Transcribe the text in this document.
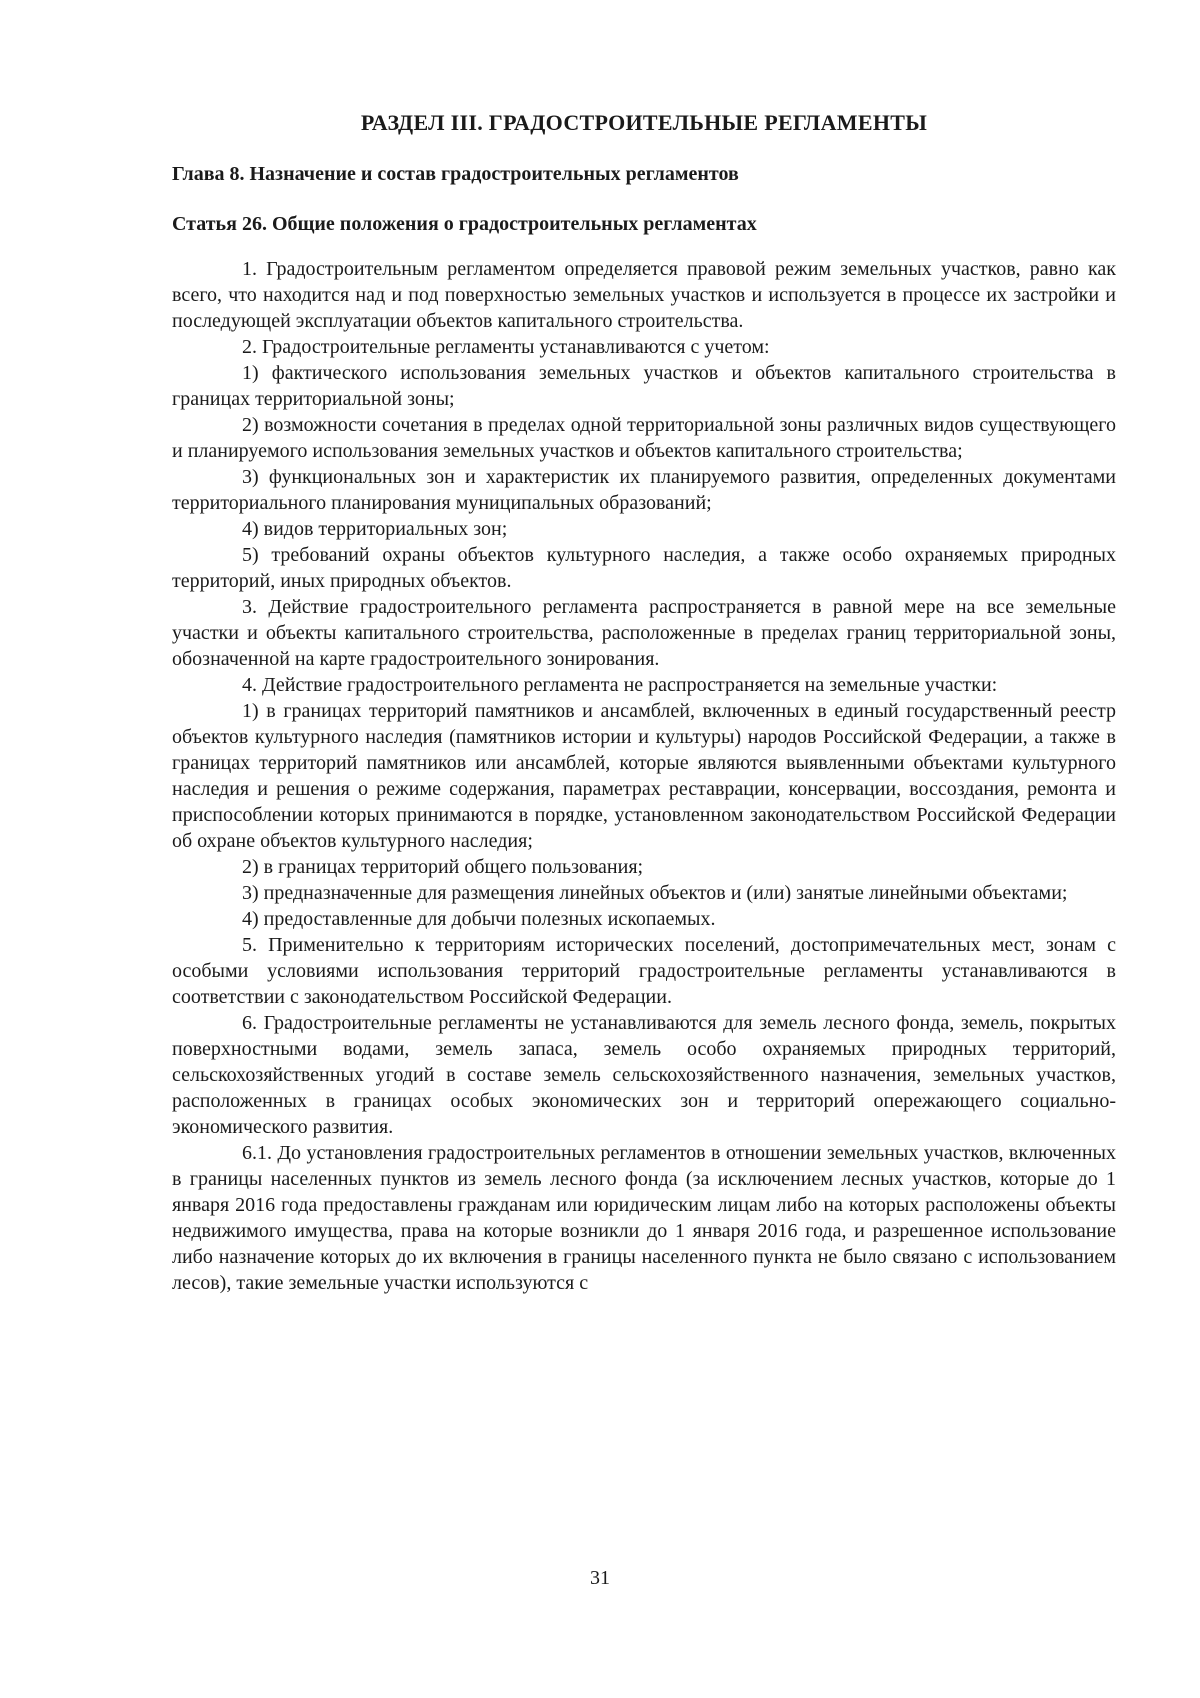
РАЗДЕЛ III. ГРАДОСТРОИТЕЛЬНЫЕ РЕГЛАМЕНТЫ
Глава 8. Назначение и состав градостроительных регламентов
Статья 26. Общие положения о градостроительных регламентах

1. Градостроительным регламентом определяется правовой режим земельных участков, равно как всего, что находится над и под поверхностью земельных участков и используется в процессе их застройки и последующей эксплуатации объектов капитального строительства.

2. Градостроительные регламенты устанавливаются с учетом:

1) фактического использования земельных участков и объектов капитального строительства в границах территориальной зоны;

2) возможности сочетания в пределах одной территориальной зоны различных видов существующего и планируемого использования земельных участков и объектов капитального строительства;

3) функциональных зон и характеристик их планируемого развития, определенных документами территориального планирования муниципальных образований;

4) видов территориальных зон;

5) требований охраны объектов культурного наследия, а также особо охраняемых природных территорий, иных природных объектов.

3. Действие градостроительного регламента распространяется в равной мере на все земельные участки и объекты капитального строительства, расположенные в пределах границ территориальной зоны, обозначенной на карте градостроительного зонирования.

4. Действие градостроительного регламента не распространяется на земельные участки:

1) в границах территорий памятников и ансамблей, включенных в единый государственный реестр объектов культурного наследия (памятников истории и культуры) народов Российской Федерации, а также в границах территорий памятников или ансамблей, которые являются выявленными объектами культурного наследия и решения о режиме содержания, параметрах реставрации, консервации, воссоздания, ремонта и приспособлении которых принимаются в порядке, установленном законодательством Российской Федерации об охране объектов культурного наследия;

2) в границах территорий общего пользования;

3) предназначенные для размещения линейных объектов и (или) занятые линейными объектами;

4) предоставленные для добычи полезных ископаемых.

5. Применительно к территориям исторических поселений, достопримечательных мест, зонам с особыми условиями использования территорий градостроительные регламенты устанавливаются в соответствии с законодательством Российской Федерации.

6. Градостроительные регламенты не устанавливаются для земель лесного фонда, земель, покрытых поверхностными водами, земель запаса, земель особо охраняемых природных территорий, сельскохозяйственных угодий в составе земель сельскохозяйственного назначения, земельных участков, расположенных в границах особых экономических зон и территорий опережающего социально-экономического развития.

6.1. До установления градостроительных регламентов в отношении земельных участков, включенных в границы населенных пунктов из земель лесного фонда (за исключением лесных участков, которые до 1 января 2016 года предоставлены гражданам или юридическим лицам либо на которых расположены объекты недвижимого имущества, права на которые возникли до 1 января 2016 года, и разрешенное использование либо назначение которых до их включения в границы населенного пункта не было связано с использованием лесов), такие земельные участки используются с

31
